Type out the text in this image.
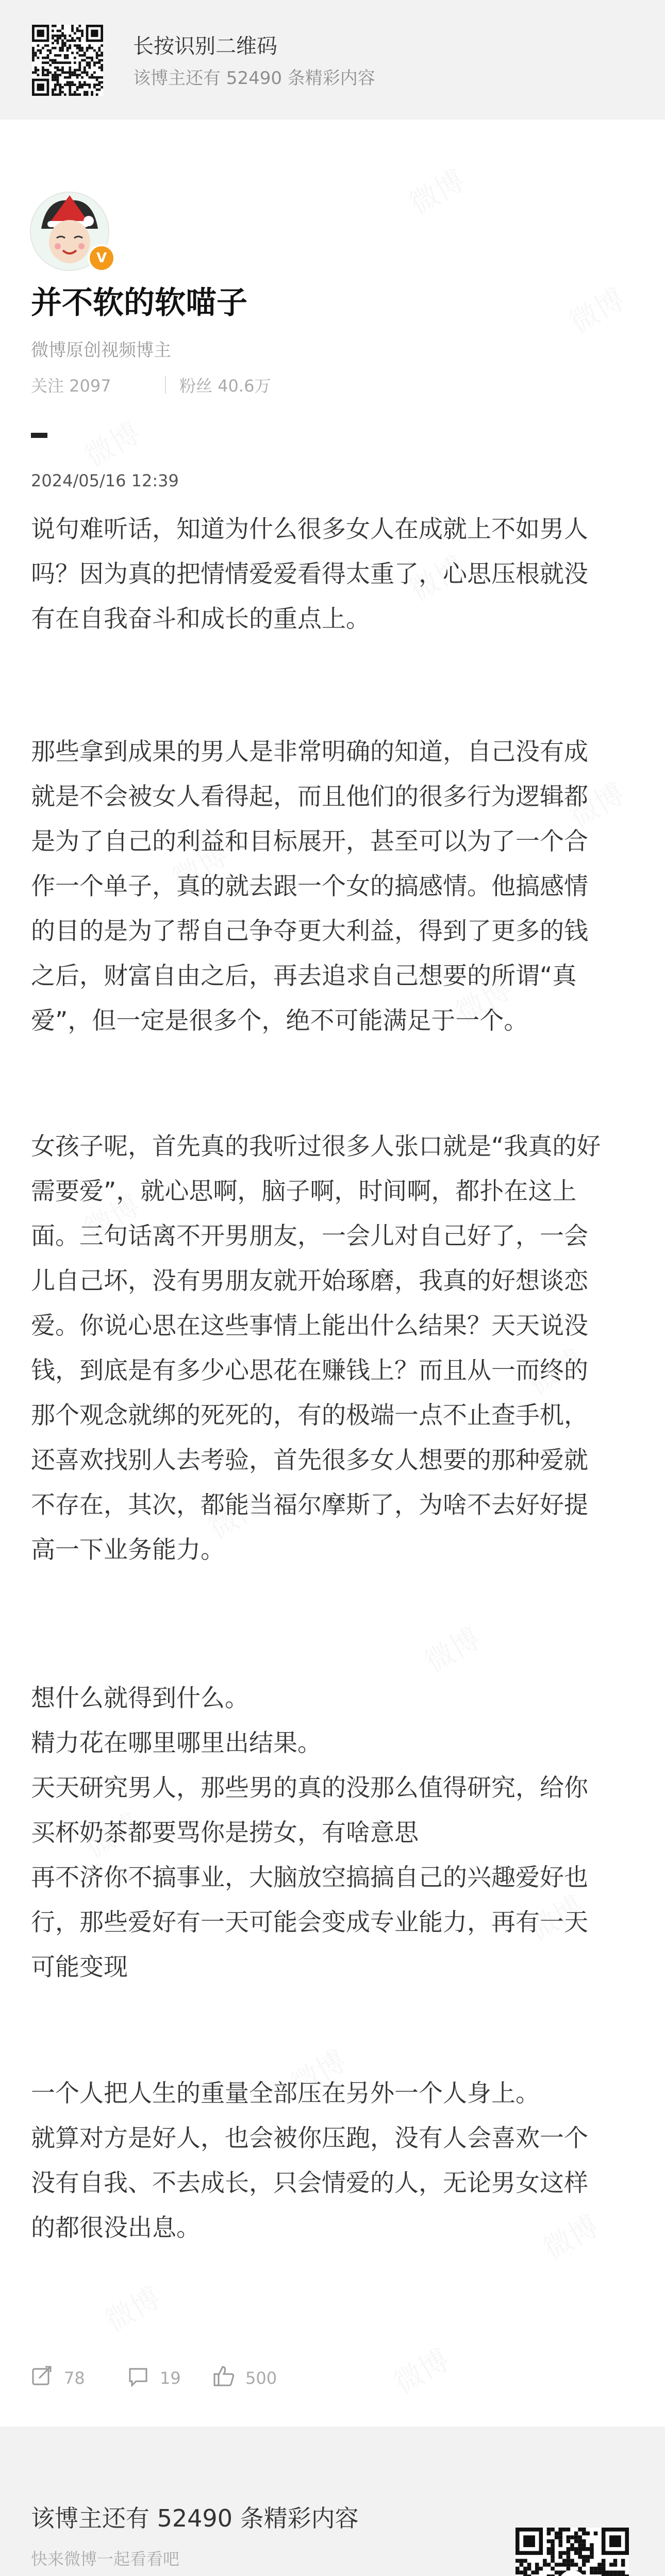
长按识别二维码
该博主还有 52490 条精彩内容
V
并不软的软喵子
微博原创视频博主
关注 2097	粉丝 40.6万
2024/05/16 12:39
说句难听话，知道为什么很多女人在成就上不如男人
吗？因为真的把情情爱爱看得太重了，心思压根就没
有在自我奋斗和成长的重点上。
那些拿到成果的男人是非常明确的知道，自己没有成
就是不会被女人看得起，而且他们的很多行为逻辑都
是为了自己的利益和目标展开，甚至可以为了一个合
作一个单子，真的就去跟一个女的搞感情。他搞感情
的目的是为了帮自己争夺更大利益，得到了更多的钱
之后，财富自由之后，再去追求自己想要的所谓“真
爱”，但一定是很多个，绝不可能满足于一个。
女孩子呢，首先真的我听过很多人张口就是“我真的好
需要爱”，就心思啊，脑子啊，时间啊，都扑在这上
面。三句话离不开男朋友，一会儿对自己好了，一会
儿自己坏，没有男朋友就开始琢磨，我真的好想谈恋
爱。你说心思在这些事情上能出什么结果？天天说没
钱，到底是有多少心思花在赚钱上？而且从一而终的
那个观念就绑的死死的，有的极端一点不止查手机，
还喜欢找别人去考验，首先很多女人想要的那种爱就
不存在，其次，都能当福尔摩斯了，为啥不去好好提
高一下业务能力。
想什么就得到什么。
精力花在哪里哪里出结果。
天天研究男人，那些男的真的没那么值得研究，给你
买杯奶茶都要骂你是捞女，有啥意思
再不济你不搞事业，大脑放空搞搞自己的兴趣爱好也
行，那些爱好有一天可能会变成专业能力，再有一天
可能变现
一个人把人生的重量全部压在另外一个人身上。
就算对方是好人，也会被你压跑，没有人会喜欢一个
没有自我、不去成长，只会情爱的人，无论男女这样
的都很没出息。
78	19	500
该博主还有 52490 条精彩内容
快来微博一起看看吧
